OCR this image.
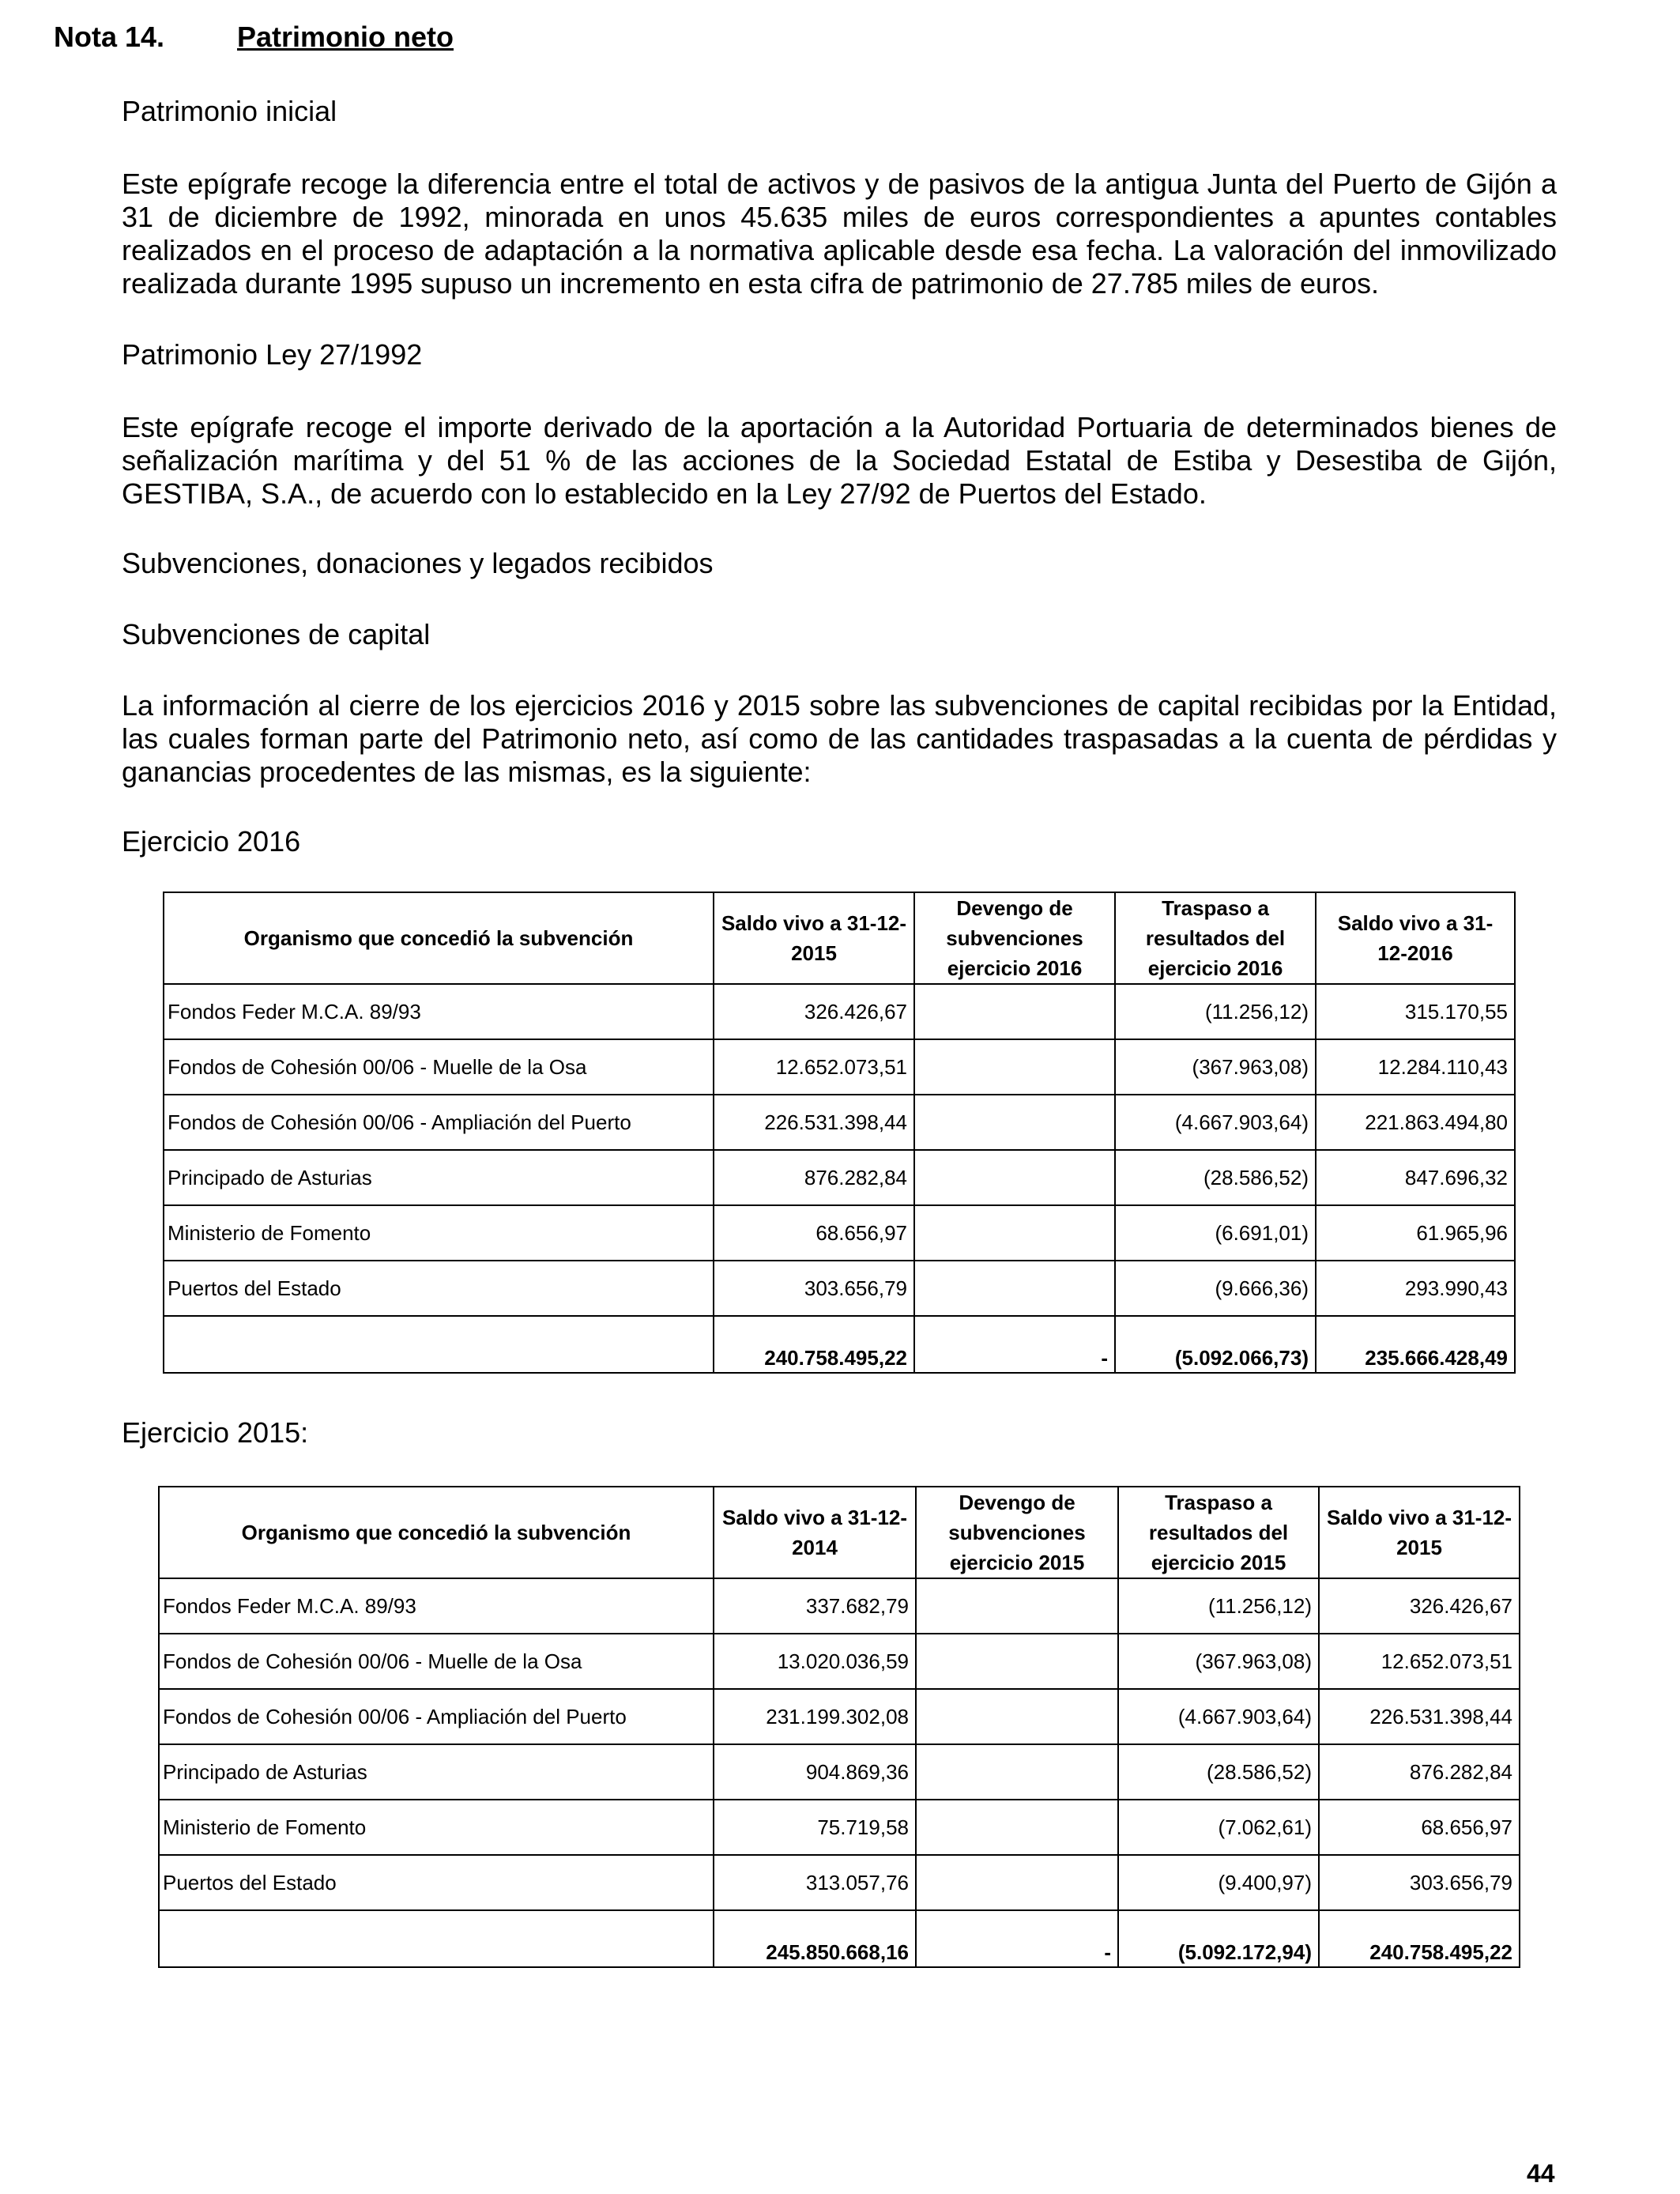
Nota 14.	Patrimonio neto
Patrimonio inicial

Este epígrafe recoge la diferencia entre el total de activos y de pasivos de la antigua Junta del Puerto de Gijón a 31 de diciembre de 1992, minorada en unos 45.635 miles de euros correspondientes a apuntes contables realizados en el proceso de adaptación a la normativa aplicable desde esa fecha. La valoración del inmovilizado realizada durante 1995 supuso un incremento en esta cifra de patrimonio de 27.785 miles de euros.

Patrimonio Ley 27/1992

Este epígrafe recoge el importe derivado de la aportación a la Autoridad Portuaria de determinados bienes de señalización marítima y del 51 % de las acciones de la Sociedad Estatal de Estiba y Desestiba de Gijón, GESTIBA, S.A., de acuerdo con lo establecido en la Ley 27/92 de Puertos del Estado.

Subvenciones, donaciones y legados recibidos
Subvenciones de capital

La información al cierre de los ejercicios 2016 y 2015 sobre las subvenciones de capital recibidas por la Entidad, las cuales forman parte del Patrimonio neto, así como de las cantidades traspasadas a la cuenta de pérdidas y ganancias procedentes de las mismas, es la siguiente:

Ejercicio 2016
Organismo que concedió la subvención	Saldo vivo a 31-12-2015	Devengo de subvenciones ejercicio 2016	Traspaso a resultados del ejercicio 2016	Saldo vivo a 31-12-2016
Fondos Feder M.C.A. 89/93	326.426,67		(11.256,12)	315.170,55
Fondos de Cohesión 00/06 - Muelle de la Osa	12.652.073,51		(367.963,08)	12.284.110,43
Fondos de Cohesión 00/06 - Ampliación del Puerto	226.531.398,44		(4.667.903,64)	221.863.494,80
Principado de Asturias	876.282,84		(28.586,52)	847.696,32
Ministerio de Fomento	68.656,97		(6.691,01)	61.965,96
Puertos del Estado	303.656,79		(9.666,36)	293.990,43
	240.758.495,22	-	(5.092.066,73)	235.666.428,49
Ejercicio 2015:
Organismo que concedió la subvención	Saldo vivo a 31-12-2014	Devengo de subvenciones ejercicio 2015	Traspaso a resultados del ejercicio 2015	Saldo vivo a 31-12-2015
Fondos Feder M.C.A. 89/93	337.682,79		(11.256,12)	326.426,67
Fondos de Cohesión 00/06 - Muelle de la Osa	13.020.036,59		(367.963,08)	12.652.073,51
Fondos de Cohesión 00/06 - Ampliación del Puerto	231.199.302,08		(4.667.903,64)	226.531.398,44
Principado de Asturias	904.869,36		(28.586,52)	876.282,84
Ministerio de Fomento	75.719,58		(7.062,61)	68.656,97
Puertos del Estado	313.057,76		(9.400,97)	303.656,79
	245.850.668,16	-	(5.092.172,94)	240.758.495,22

44
